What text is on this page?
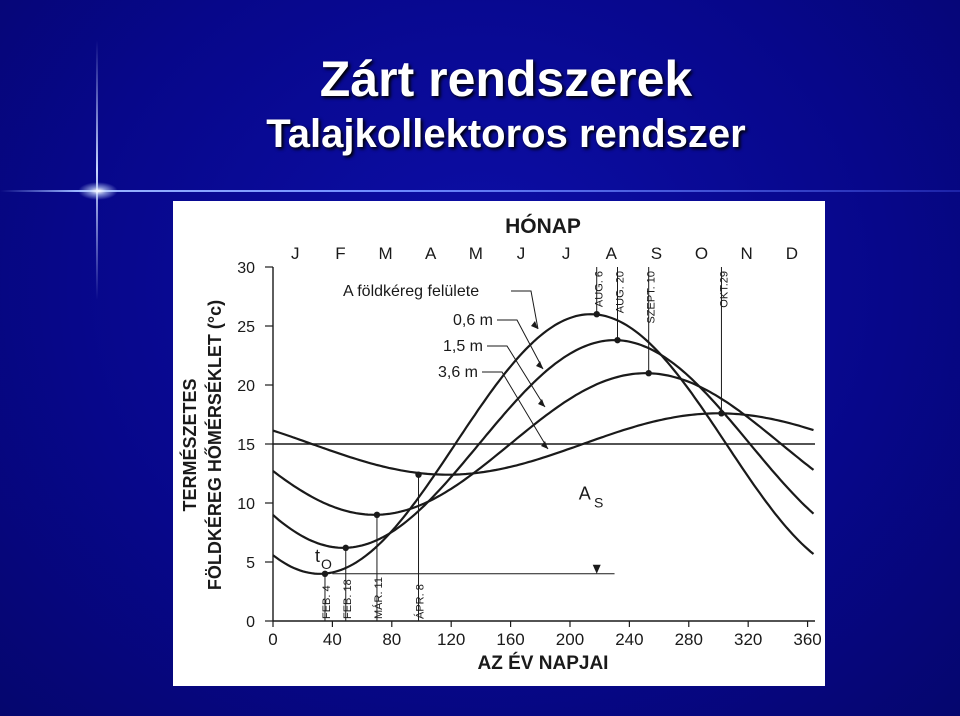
Zárt rendszerek
Talajkollektoros rendszer
0
5
10
15
20
25
30
0	40 80 120 160 200 240 280 320 360
J F M A M J J A S O N D
AUG. 6 AUG. 20 SZEPT. 10	OKT.29
FEB. 4 FEB. 18 MÁR. 11	ÁPR. 8
A S
t O
A földkéreg felülete
0,6 m
1,5 m
3,6 m
HÓNAP
AZ ÉV NAPJAI
TERMÉSZETES FÖLDKÉREG HŐMÉRSÉKLET (°c)
